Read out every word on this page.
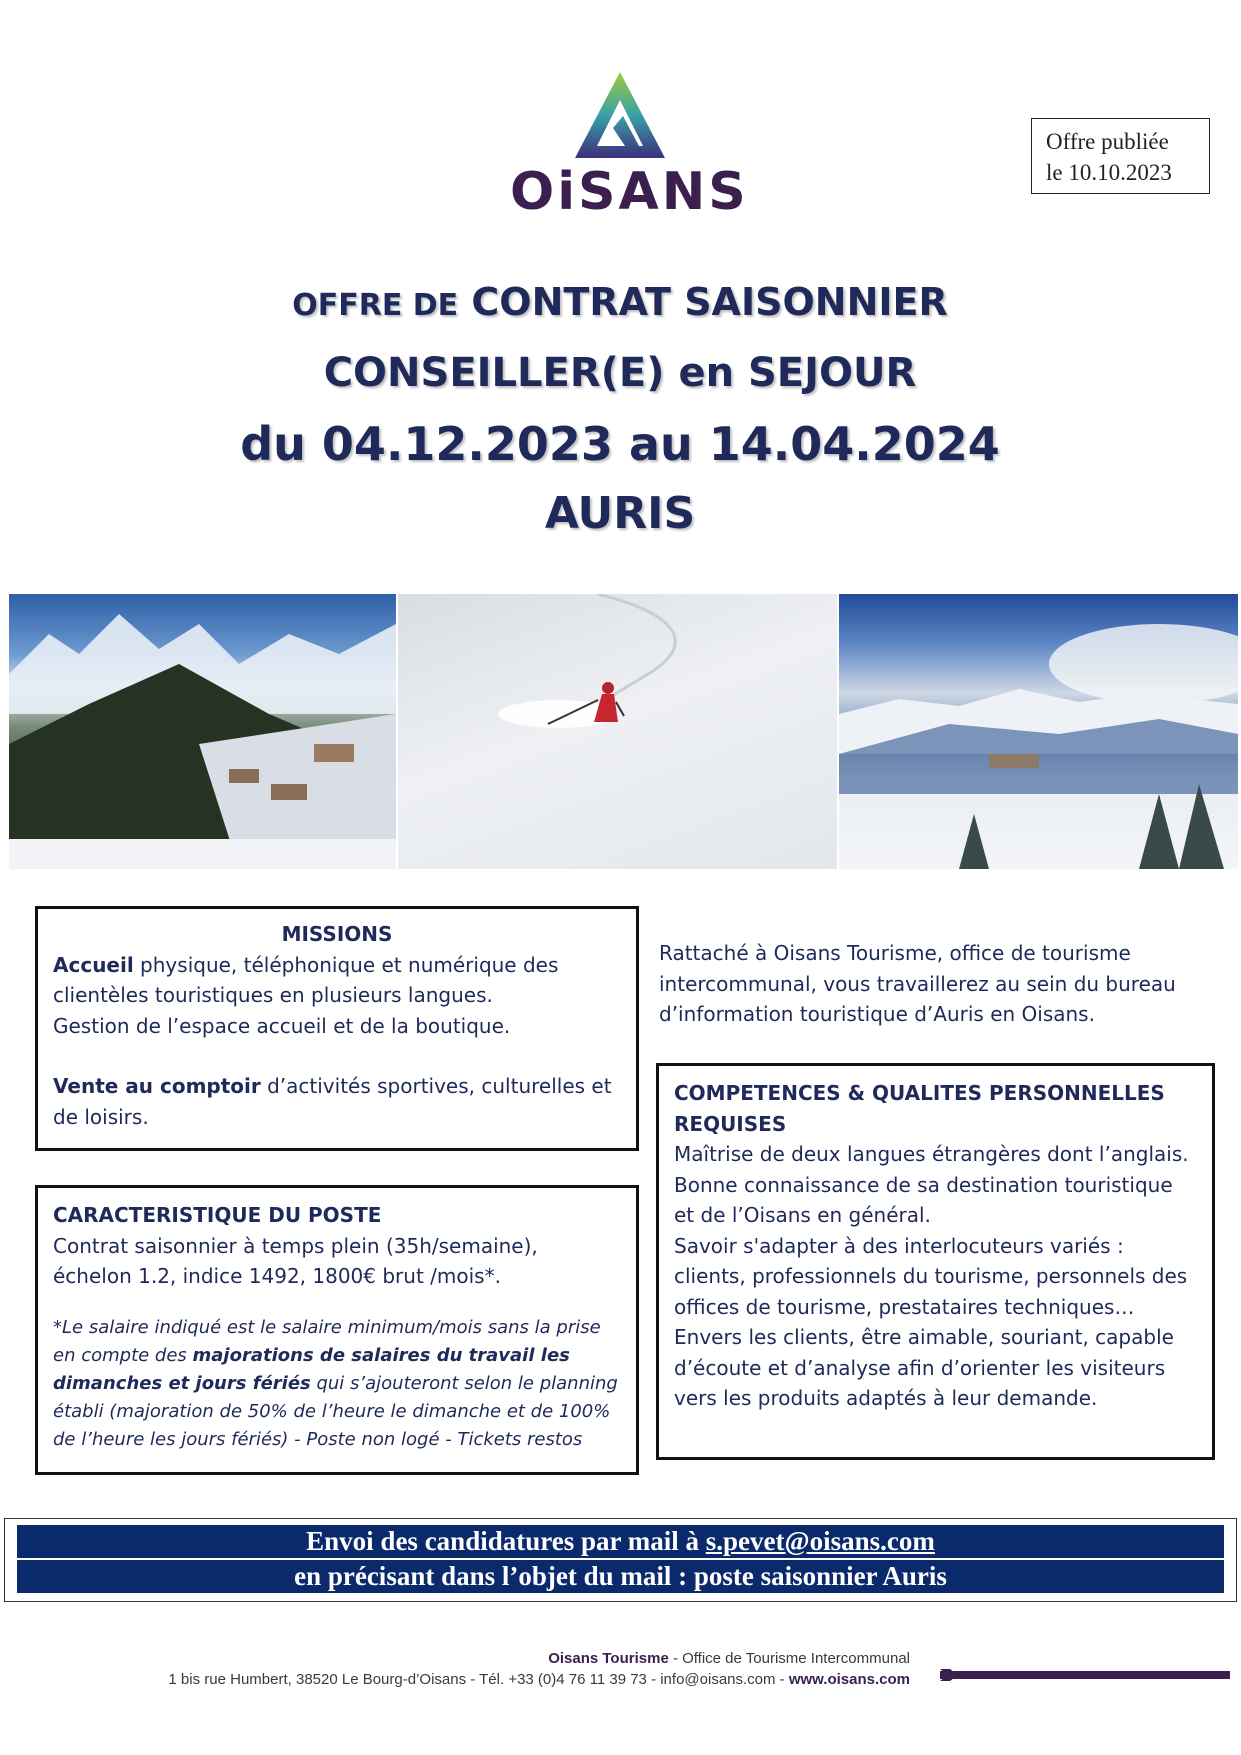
OiSANS
Offre publiée
le 10.10.2023
OFFRE DE CONTRAT SAISONNIER
CONSEILLER(E) en SEJOUR
du 04.12.2023 au 14.04.2024
AURIS
MISSIONS
Accueil physique, téléphonique et numérique des clientèles touristiques en plusieurs langues.
Gestion de l’espace accueil et de la boutique.
Vente au comptoir d’activités sportives, culturelles et de loisirs.
CARACTERISTIQUE DU POSTE
Contrat saisonnier à temps plein (35h/semaine), échelon 1.2, indice 1492, 1800€ brut /mois*.
*Le salaire indiqué est le salaire minimum/mois sans la prise en compte des majorations de salaires du travail les dimanches et jours fériés qui s’ajouteront selon le planning établi (majoration de 50% de l’heure le dimanche et de 100% de l’heure les jours fériés) - Poste non logé - Tickets restos
Rattaché à Oisans Tourisme, office de tourisme intercommunal, vous travaillerez au sein du bureau d’information touristique d’Auris en Oisans.
COMPETENCES & QUALITES PERSONNELLES REQUISES
Maîtrise de deux langues étrangères dont l’anglais.
Bonne connaissance de sa destination touristique et de l’Oisans en général.
Savoir s'adapter à des interlocuteurs variés : clients, professionnels du tourisme, personnels des offices de tourisme, prestataires techniques…
Envers les clients, être aimable, souriant, capable d’écoute et d’analyse afin d’orienter les visiteurs vers les produits adaptés à leur demande.
Envoi des candidatures par mail à s.pevet@oisans.com
en précisant dans l’objet du mail : poste saisonnier Auris
Oisans Tourisme - Office de Tourisme Intercommunal
1 bis rue Humbert, 38520 Le Bourg-d’Oisans - Tél. +33 (0)4 76 11 39 73 - info@oisans.com - www.oisans.com
